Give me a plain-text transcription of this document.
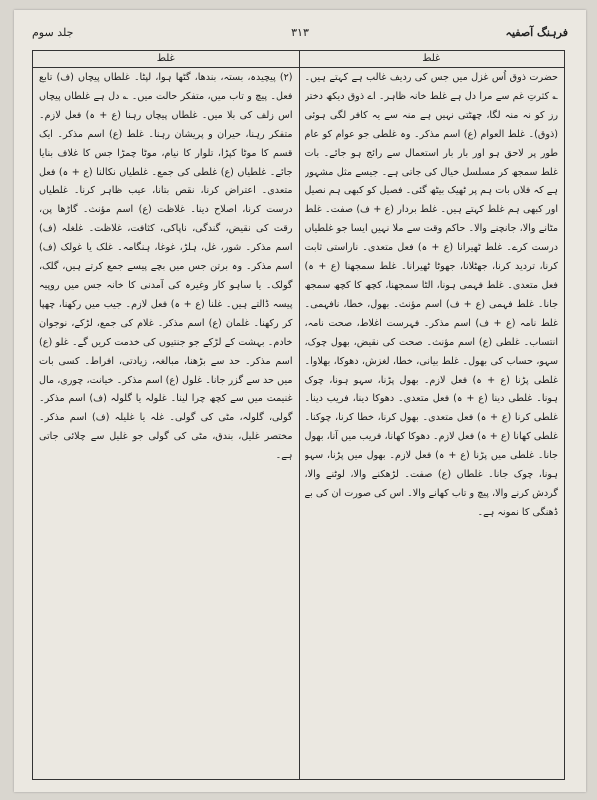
جلد سوم	۳۱۳	فرہنگ آصفیہ
غلط	غلط

حضرت ذوق اُس غزل میں جس کی ردیف غالب ہے کہتے ہیں۔ ؎ کثرتِ غم سے مرا دل ہے غلط خانہ ظاہر۔ اے ذوق دیکھ دختر رز کو نہ منہ لگا، چھٹتی نہیں ہے منہ سے یہ کافر لگی ہوئی (ذوق)۔ غلط العوام (ع) اسم مذکر۔ وہ غلطی جو عوام کو عام طور پر لاحق ہو اور بار بار استعمال سے رائج ہو جائے۔ بات غلط سمجھ کر مسلسل خیال کی جاتی ہے۔ جیسے مثل مشہور ہے کہ فلاں بات ہم پر ٹھیک بیٹھ گئی۔ فصیل کو کبھی ہم نصیل اور کبھی ہم غلط کہتے ہیں۔ غلط بردار (ع + ف) صفت۔ غلط مٹانے والا، جانچنے والا۔ حاکم وقت سے ملا نہیں ایسا جو غلطیاں درست کرے۔ غلط ٹھیرانا (ع + ہ) فعل متعدی۔ ناراستی ثابت کرنا، تردید کرنا، جھٹلانا، جھوٹا ٹھیرانا۔ غلط سمجھنا (ع + ہ) فعل متعدی۔ غلط فہمی ہونا، الٹا سمجھنا، کچھ کا کچھ سمجھ جانا۔ غلط فہمی (ع + ف) اسم مؤنث۔ بھول، خطا، نافہمی۔ غلط نامہ (ع + ف) اسم مذکر۔ فہرست اغلاط، صحت نامہ، انتساب۔ غلطی (ع) اسم مؤنث۔ صحت کی نقیض، بھول چوک، سہو، حساب کی بھول۔ غلط بیانی، خطا، لغزش، دھوکا، بھلاوا۔ غلطی پڑنا (ع + ہ) فعل لازم۔ بھول پڑنا، سہو ہونا، چوک ہونا۔ غلطی دینا (ع + ہ) فعل متعدی۔ دھوکا دینا، فریب دینا۔ غلطی کرنا (ع + ہ) فعل متعدی۔ بھول کرنا، خطا کرنا، چوکنا۔ غلطی کھانا (ع + ہ) فعل لازم۔ دھوکا کھانا، فریب میں آنا، بھول جانا۔ غلطی میں پڑنا (ع + ہ) فعل لازم۔ بھول میں پڑنا، سہو ہونا، چوک جانا۔ غلطاں (ع) صفت۔ لڑھکنے والا، لوٹنے والا، گردش کرنے والا، پیچ و تاب کھانے والا۔ اس کی صورت ان کی بے ڈھنگی کا نمونہ ہے۔

(۲) پیچیدہ، بستہ، بندھا، گٹھا ہوا، لپٹا۔ غلطاں پیچاں (ف) تابع فعل۔ پیچ و تاب میں، متفکر حالت میں۔ ؎ دل ہے غلطاں پیچاں اس زلف کی بلا میں۔ غلطاں پیچاں رہنا (ع + ہ) فعل لازم۔ متفکر رہنا، حیران و پریشان رہنا۔ غلط (ع) اسم مذکر۔ ایک قسم کا موٹا کپڑا، تلوار کا نیام، موٹا چمڑا جس کا غلاف بنایا جائے۔ غلطیاں (ع) غلطی کی جمع۔ غلطیاں نکالنا (ع + ہ) فعل متعدی۔ اعتراض کرنا، نقص بتانا، عیب ظاہر کرنا۔ غلطیاں درست کرنا، اصلاح دینا۔ غلاظت (ع) اسم مؤنث۔ گاڑھا پن، رقت کی نقیض، گندگی، ناپاکی، کثافت، غلاظت۔ غلغلہ (ف) اسم مذکر۔ شور، غل، ہلڑ، غوغا، ہنگامہ۔ غلک یا غولک (ف) اسم مذکر۔ وہ برتن جس میں بچے پیسے جمع کرتے ہیں، گلک، گولک۔ یا ساہو کار وغیرہ کی آمدنی کا خانہ جس میں روپیہ پیسہ ڈالتے ہیں۔ غلنا (ع + ہ) فعل لازم۔ جیب میں رکھنا، چھپا کر رکھنا۔ غلمان (ع) اسم مذکر۔ غلام کی جمع، لڑکے، نوجوان خادم۔ بہشت کے لڑکے جو جنتیوں کی خدمت کریں گے۔ غلو (ع) اسم مذکر۔ حد سے بڑھنا، مبالغہ، زیادتی، افراط۔ کسی بات میں حد سے گزر جانا۔ غلول (ع) اسم مذکر۔ خیانت، چوری، مال غنیمت میں سے کچھ چرا لینا۔ غلولہ یا گلولہ (ف) اسم مذکر۔ گولی، گلولہ، مٹی کی گولی۔ غلہ یا غلیلہ (ف) اسم مذکر۔ مختصر غلیل، بندق، مٹی کی گولی جو غلیل سے چلائی جاتی ہے۔
